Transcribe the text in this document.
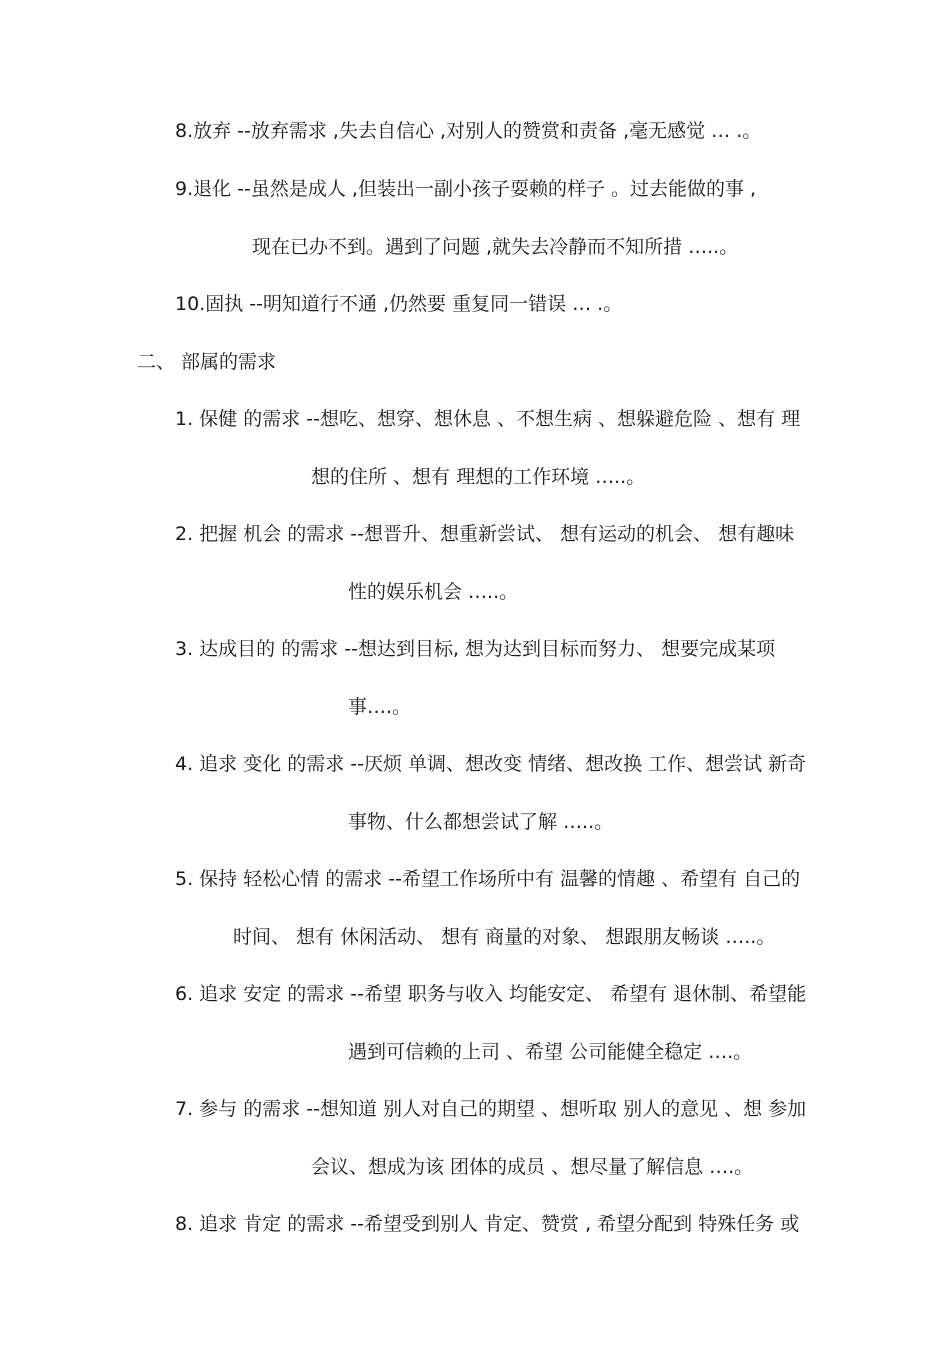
8.放弃 --放弃需求 ,失去自信心 ,对别人的赞赏和责备 ,毫无感觉 … .。
9.退化 --虽然是成人 ,但装出一副小孩子耍赖的样子 。过去能做的事 ,
现在已办不到。遇到了问题 ,就失去冷静而不知所措 …..。
10.固执 --明知道行不通 ,仍然要 重复同一错误 … .。
二、 部属的需求
1. 保健 的需求 --想吃、想穿、想休息 、不想生病 、想躲避危险 、想有 理
想的住所 、想有 理想的工作环境 …..。
2. 把握 机会 的需求 --想晋升、想重新尝试、 想有运动的机会、 想有趣味
性的娱乐机会 …..。
3. 达成目的 的需求 --想达到目标, 想为达到目标而努力、 想要完成某项
事….。
4. 追求 变化 的需求 --厌烦 单调、想改变 情绪、想改换 工作、想尝试 新奇
事物、什么都想尝试了解 …..。
5. 保持 轻松心情 的需求 --希望工作场所中有 温馨的情趣 、希望有 自己的
时间、 想有 休闲活动、 想有 商量的对象、 想跟朋友畅谈 …..。
6. 追求 安定 的需求 --希望 职务与收入 均能安定、 希望有 退休制、希望能
遇到可信赖的上司 、希望 公司能健全稳定 ….。
7. 参与 的需求 --想知道 别人对自己的期望 、想听取 别人的意见 、想 参加
会议、想成为该 团体的成员 、想尽量了解信息 ….。
8. 追求 肯定 的需求 --希望受到别人 肯定、赞赏 , 希望分配到 特殊任务 或
